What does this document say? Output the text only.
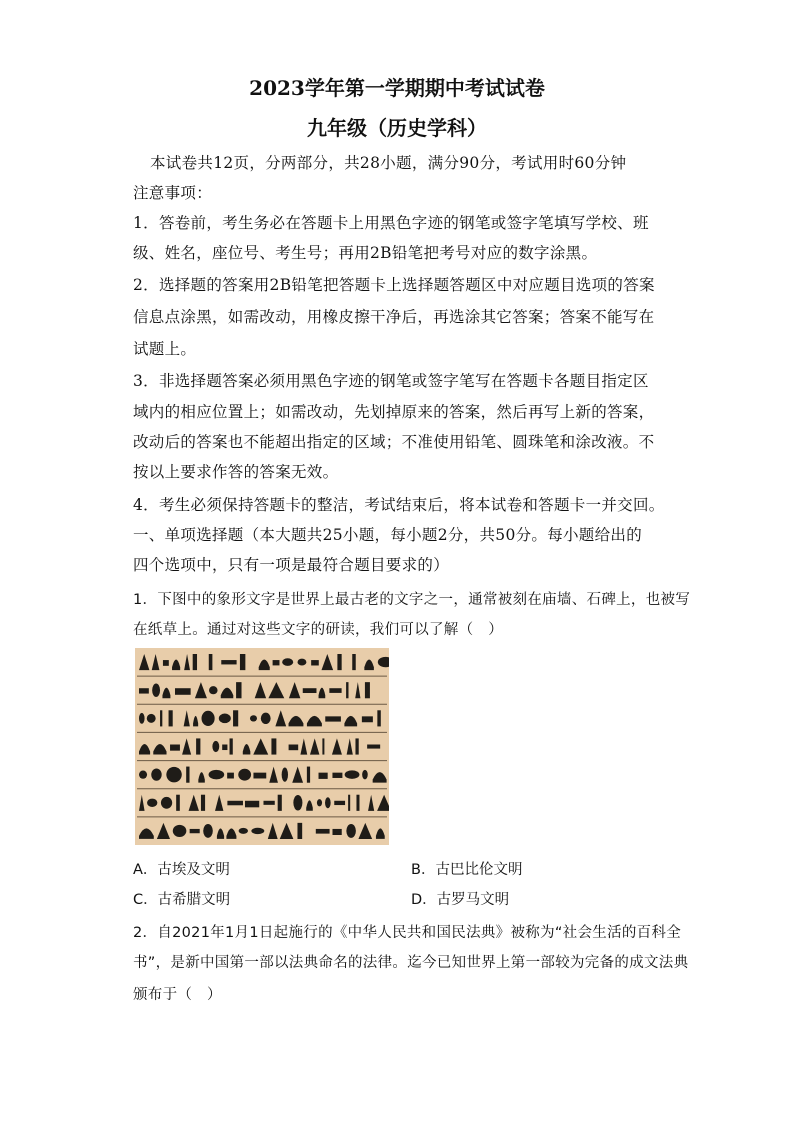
2023学年第一学期期中考试试卷
九年级（历史学科）
本试卷共12页，分两部分，共28小题，满分90分，考试用时60分钟
注意事项：
1．答卷前，考生务必在答题卡上用黑色字迹的钢笔或签字笔填写学校、班
级、姓名，座位号、考生号；再用2B铅笔把考号对应的数字涂黑。
2．选择题的答案用2B铅笔把答题卡上选择题答题区中对应题目选项的答案
信息点涂黑，如需改动，用橡皮擦干净后，再选涂其它答案；答案不能写在
试题上。
3．非选择题答案必须用黑色字迹的钢笔或签字笔写在答题卡各题目指定区
域内的相应位置上；如需改动，先划掉原来的答案，然后再写上新的答案，
改动后的答案也不能超出指定的区域；不准使用铅笔、圆珠笔和涂改液。不
按以上要求作答的答案无效。
4．考生必须保持答题卡的整洁，考试结束后，将本试卷和答题卡一并交回。
一、单项选择题（本大题共25小题，每小题2分，共50分。每小题给出的
四个选项中，只有一项是最符合题目要求的）
1．下图中的象形文字是世界上最古老的文字之一，通常被刻在庙墙、石碑上，也被写
在纸草上。通过对这些文字的研读，我们可以了解（　）
A．古埃及文明	B．古巴比伦文明
C．古希腊文明	D．古罗马文明
2．自2021年1月1日起施行的《中华人民共和国民法典》被称为“社会生活的百科全
书”，是新中国第一部以法典命名的法律。迄今已知世界上第一部较为完备的成文法典
颁布于（　）
